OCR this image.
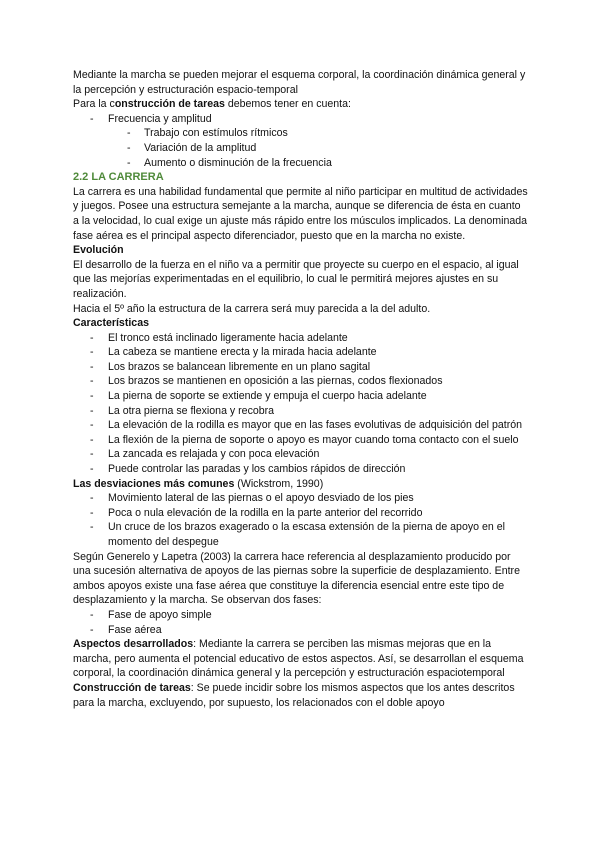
Mediante la marcha se pueden mejorar el esquema corporal, la coordinación dinámica general y la percepción y estructuración espacio-temporal

Para la construcción de tareas debemos tener en cuenta:

- Frecuencia y amplitud

- Trabajo con estímulos rítmicos

- Variación de la amplitud

- Aumento o disminución de la frecuencia

2.2 LA CARRERA

La carrera es una habilidad fundamental que permite al niño participar en multitud de actividades y juegos. Posee una estructura semejante a la marcha, aunque se diferencia de ésta en cuanto a la velocidad, lo cual exige un ajuste más rápido entre los músculos implicados. La denominada fase aérea es el principal aspecto diferenciador, puesto que en la marcha no existe.

Evolución

El desarrollo de la fuerza en el niño va a permitir que proyecte su cuerpo en el espacio, al igual que las mejorías experimentadas en el equilibrio, lo cual le permitirá mejores ajustes en su realización.

Hacia el 5º año la estructura de la carrera será muy parecida a la del adulto.

Características

- El tronco está inclinado ligeramente hacia adelante

- La cabeza se mantiene erecta y la mirada hacia adelante

- Los brazos se balancean libremente en un plano sagital

- Los brazos se mantienen en oposición a las piernas, codos flexionados

- La pierna de soporte se extiende y empuja el cuerpo hacia adelante

- La otra pierna se flexiona y recobra

- La elevación de la rodilla es mayor que en las fases evolutivas de adquisición del patrón

- La flexión de la pierna de soporte o apoyo es mayor cuando toma contacto con el suelo

- La zancada es relajada y con poca elevación

- Puede controlar las paradas y los cambios rápidos de dirección

Las desviaciones más comunes (Wickstrom, 1990)

- Movimiento lateral de las piernas o el apoyo desviado de los pies

- Poca o nula elevación de la rodilla en la parte anterior del recorrido

- Un cruce de los brazos exagerado o la escasa extensión de la pierna de apoyo en el momento del despegue

Según Generelo y Lapetra (2003) la carrera hace referencia al desplazamiento producido por una sucesión alternativa de apoyos de las piernas sobre la superficie de desplazamiento. Entre ambos apoyos existe una fase aérea que constituye la diferencia esencial entre este tipo de desplazamiento y la marcha. Se observan dos fases:

- Fase de apoyo simple

- Fase aérea

Aspectos desarrollados: Mediante la carrera se perciben las mismas mejoras que en la marcha, pero aumenta el potencial educativo de estos aspectos. Así, se desarrollan el esquema corporal, la coordinación dinámica general y la percepción y estructuración espaciotemporal

Construcción de tareas: Se puede incidir sobre los mismos aspectos que los antes descritos para la marcha, excluyendo, por supuesto, los relacionados con el doble apoyo
